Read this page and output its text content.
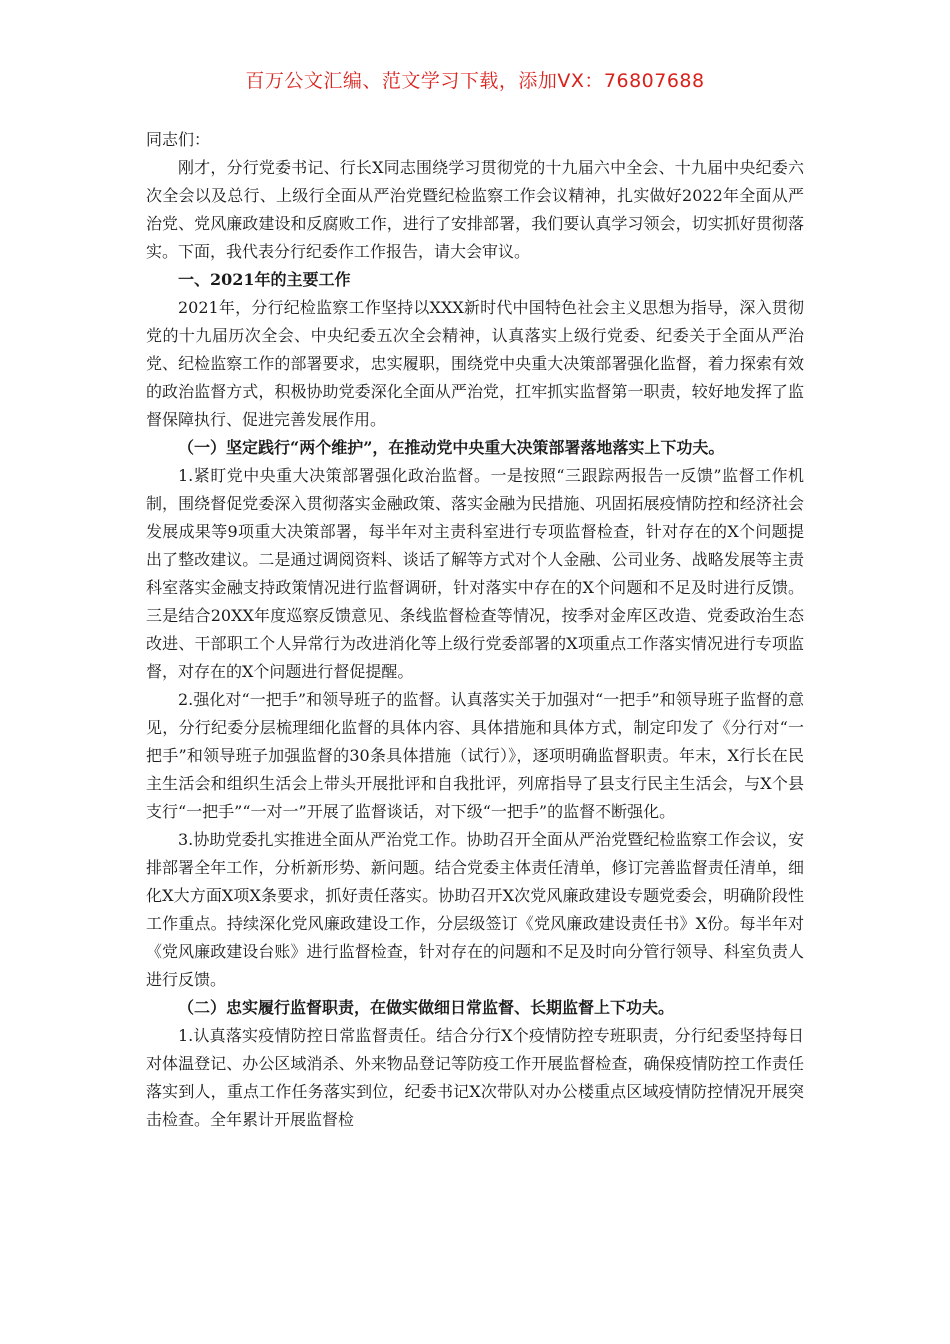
百万公文汇编、范文学习下载，添加VX：76807688

同志们：

刚才，分行党委书记、行长X同志围绕学习贯彻党的十九届六中全会、十九届中央纪委六次全会以及总行、上级行全面从严治党暨纪检监察工作会议精神，扎实做好2022年全面从严治党、党风廉政建设和反腐败工作，进行了安排部署，我们要认真学习领会，切实抓好贯彻落实。下面，我代表分行纪委作工作报告，请大会审议。

一、2021年的主要工作

2021年，分行纪检监察工作坚持以XXX新时代中国特色社会主义思想为指导，深入贯彻党的十九届历次全会、中央纪委五次全会精神，认真落实上级行党委、纪委关于全面从严治党、纪检监察工作的部署要求，忠实履职，围绕党中央重大决策部署强化监督，着力探索有效的政治监督方式，积极协助党委深化全面从严治党，扛牢抓实监督第一职责，较好地发挥了监督保障执行、促进完善发展作用。

（一）坚定践行“两个维护”，在推动党中央重大决策部署落地落实上下功夫。

1.紧盯党中央重大决策部署强化政治监督。一是按照“三跟踪两报告一反馈”监督工作机制，围绕督促党委深入贯彻落实金融政策、落实金融为民措施、巩固拓展疫情防控和经济社会发展成果等9项重大决策部署，每半年对主责科室进行专项监督检查，针对存在的X个问题提出了整改建议。二是通过调阅资料、谈话了解等方式对个人金融、公司业务、战略发展等主责科室落实金融支持政策情况进行监督调研，针对落实中存在的X个问题和不足及时进行反馈。三是结合20XX年度巡察反馈意见、条线监督检查等情况，按季对金库区改造、党委政治生态改进、干部职工个人异常行为改进消化等上级行党委部署的X项重点工作落实情况进行专项监督，对存在的X个问题进行督促提醒。

2.强化对“一把手”和领导班子的监督。认真落实关于加强对“一把手”和领导班子监督的意见，分行纪委分层梳理细化监督的具体内容、具体措施和具体方式，制定印发了《分行对“一把手”和领导班子加强监督的30条具体措施（试行）》，逐项明确监督职责。年末，X行长在民主生活会和组织生活会上带头开展批评和自我批评，列席指导了县支行民主生活会，与X个县支行“一把手”“一对一”开展了监督谈话，对下级“一把手”的监督不断强化。

3.协助党委扎实推进全面从严治党工作。协助召开全面从严治党暨纪检监察工作会议，安排部署全年工作，分析新形势、新问题。结合党委主体责任清单，修订完善监督责任清单，细化X大方面X项X条要求，抓好责任落实。协助召开X次党风廉政建设专题党委会，明确阶段性工作重点。持续深化党风廉政建设工作，分层级签订《党风廉政建设责任书》X份。每半年对《党风廉政建设台账》进行监督检查，针对存在的问题和不足及时向分管行领导、科室负责人进行反馈。

（二）忠实履行监督职责，在做实做细日常监督、长期监督上下功夫。

1.认真落实疫情防控日常监督责任。结合分行X个疫情防控专班职责，分行纪委坚持每日对体温登记、办公区域消杀、外来物品登记等防疫工作开展监督检查，确保疫情防控工作责任落实到人，重点工作任务落实到位，纪委书记X次带队对办公楼重点区域疫情防控情况开展突击检查。全年累计开展监督检
